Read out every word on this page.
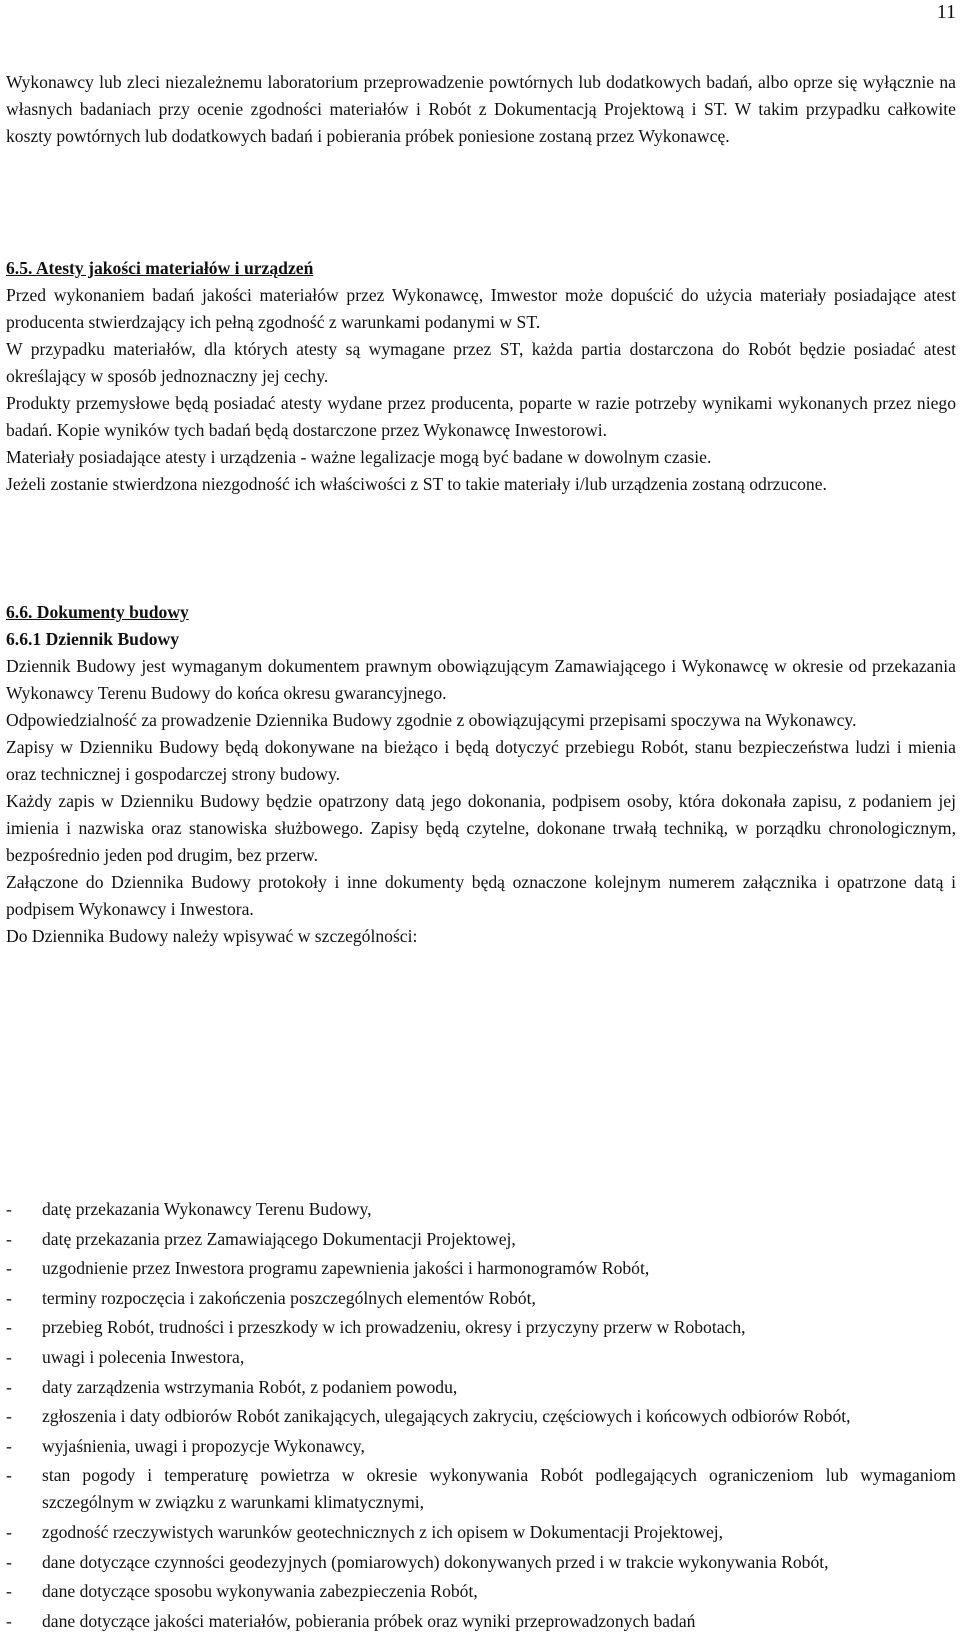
11

Wykonawcy lub zleci niezależnemu laboratorium przeprowadzenie powtórnych lub dodatkowych badań, albo oprze się wyłącznie na własnych badaniach przy ocenie zgodności materiałów i Robót z Dokumentacją Projektową i ST. W takim przypadku całkowite koszty powtórnych lub dodatkowych badań i pobierania próbek poniesione zostaną przez Wykonawcę.

6.5. Atesty jakości materiałów i urządzeń

Przed wykonaniem badań jakości materiałów przez Wykonawcę, Imwestor może dopuścić do użycia materiały posiadające atest producenta stwierdzający ich pełną zgodność z warunkami podanymi w ST.

W przypadku materiałów, dla których atesty są wymagane przez ST, każda partia dostarczona do Robót będzie posiadać atest określający w sposób jednoznaczny jej cechy.

Produkty przemysłowe będą posiadać atesty wydane przez producenta, poparte w razie potrzeby wynikami wykonanych przez niego badań. Kopie wyników tych badań będą dostarczone przez Wykonawcę Inwestorowi.

Materiały posiadające atesty i urządzenia - ważne legalizacje mogą być badane w dowolnym czasie.

Jeżeli zostanie stwierdzona niezgodność ich właściwości z ST to takie materiały i/lub urządzenia zostaną odrzucone.

6.6. Dokumenty budowy

6.6.1 Dziennik Budowy

Dziennik Budowy jest wymaganym dokumentem prawnym obowiązującym Zamawiającego i Wykonawcę w okresie od przekazania Wykonawcy Terenu Budowy do końca okresu gwarancyjnego.

Odpowiedzialność za prowadzenie Dziennika Budowy zgodnie z obowiązującymi przepisami spoczywa na Wykonawcy.

Zapisy w Dzienniku Budowy będą dokonywane na bieżąco i będą dotyczyć przebiegu Robót, stanu bezpieczeństwa ludzi i mienia oraz technicznej i gospodarczej strony budowy.

Każdy zapis w Dzienniku Budowy będzie opatrzony datą jego dokonania, podpisem osoby, która dokonała zapisu, z podaniem jej imienia i nazwiska oraz stanowiska służbowego. Zapisy będą czytelne, dokonane trwałą techniką, w porządku chronologicznym, bezpośrednio jeden pod drugim, bez przerw.

Załączone do Dziennika Budowy protokoły i inne dokumenty będą oznaczone kolejnym numerem załącznika i opatrzone datą i podpisem Wykonawcy i Inwestora.

Do Dziennika Budowy należy wpisywać w szczególności:

- datę przekazania Wykonawcy Terenu Budowy,
- datę przekazania przez Zamawiającego Dokumentacji Projektowej,
- uzgodnienie przez Inwestora programu zapewnienia jakości i harmonogramów Robót,
- terminy rozpoczęcia i zakończenia poszczególnych elementów Robót,
- przebieg Robót, trudności i przeszkody w ich prowadzeniu, okresy i przyczyny przerw w Robotach,
- uwagi i polecenia Inwestora,
- daty zarządzenia wstrzymania Robót, z podaniem powodu,
- zgłoszenia i daty odbiorów Robót zanikających, ulegających zakryciu, częściowych i końcowych odbiorów Robót,
- wyjaśnienia, uwagi i propozycje Wykonawcy,
- stan pogody i temperaturę powietrza w okresie wykonywania Robót podlegających ograniczeniom lub wymaganiom szczególnym w związku z warunkami klimatycznymi,
- zgodność rzeczywistych warunków geotechnicznych z ich opisem w Dokumentacji Projektowej,
- dane dotyczące czynności geodezyjnych (pomiarowych) dokonywanych przed i w trakcie wykonywania Robót,
- dane dotyczące sposobu wykonywania zabezpieczenia Robót,
- dane dotyczące jakości materiałów, pobierania próbek oraz wyniki przeprowadzonych badań
